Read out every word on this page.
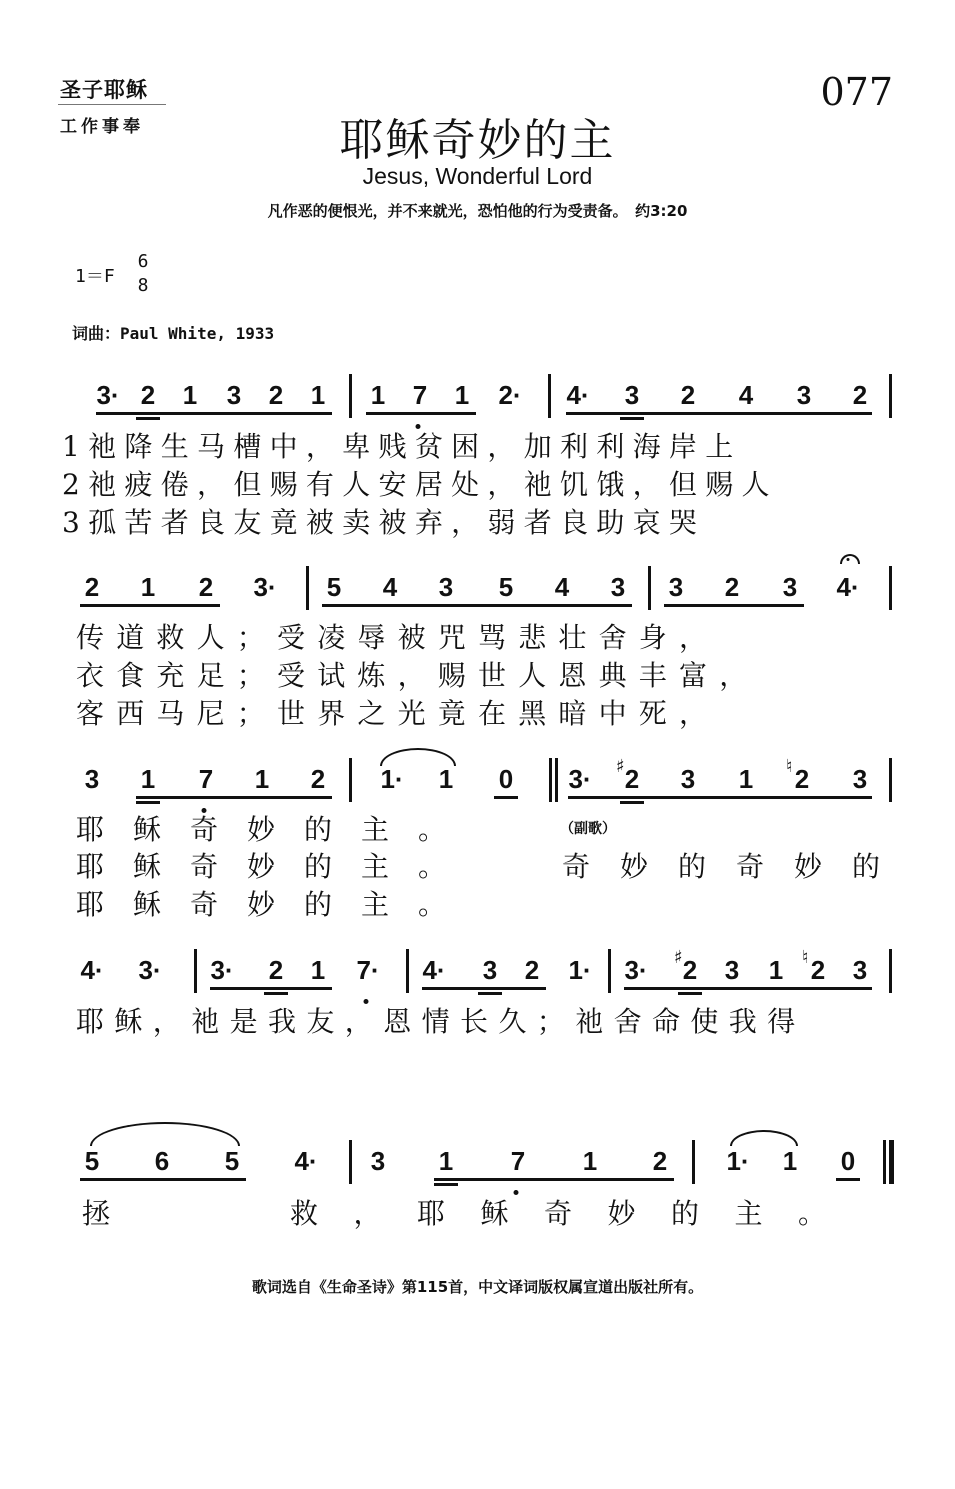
圣子耶稣
工作事奉
077
耶稣奇妙的主
Jesus, Wonderful Lord
凡作恶的便恨光，并不来就光，恐怕他的行为受责备。　约3:20
1＝F
6
8
词曲：Paul White, 1933
3· 2 1 3 2 1 1 7 1 2· 4· 3 2 4 3 2
2 1 2 3· 5 4 3 5 4 3 3 2 3 4·
3 1 7 1 2 1· 1 0 3· 2
♯ 3 1 2
♮ 3
4· 3· 3· 2 1 7· 4· 3 2 1· 3· 2
♯ 3 1 2
♮ 3
5 6 5 4· 3 1 7 1 2 1· 1 0
1祂降生马槽中，卑贱贫困，加利利海岸上
2祂疲倦，但赐有人安居处，祂饥饿，但赐人
3孤苦者良友竟被卖被弃，弱者良助哀哭
传道救人；受凌辱被咒骂悲壮舍身，
衣食充足；受试炼，赐世人恩典丰富，
客西马尼；世界之光竟在黑暗中死，
耶稣奇妙的主。
耶稣奇妙的主。
耶稣奇妙的主。
（副歌）
奇妙的奇妙的
耶稣，祂是我友，恩情长久；祂舍命使我得
拯	救，耶稣奇妙的主。
歌词选自《生命圣诗》第115首，中文译词版权属宣道出版社所有。
